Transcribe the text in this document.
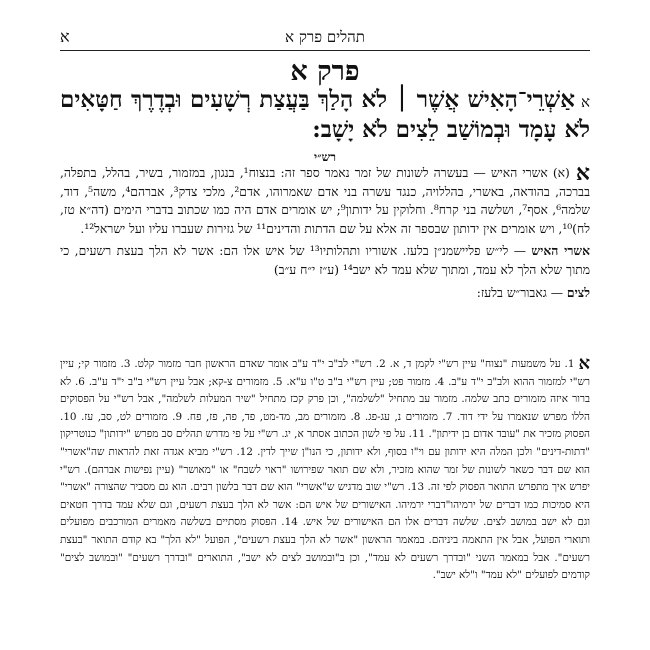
תהלים פרק א
א
פרק א
אאַשְׁרֵי־הָאִישׁ אֲשֶׁר ׀ לֹא הָלַךְ בַּעֲצַת רְשָׁעִים וּבְדֶרֶךְ חַטָּאִים לֹא עָמָד וּבְמוֹשַׁב לֵצִים לֹא יָשָׁב:
רש״י

א(א) אשרי האיש — בעשרה לשונות של זמר נאמר ספר זה: בנצוח¹, בנגון, במזמור, בשיר, בהלל, בתפלה, בברכה, בהודאה, באשרי, בהללויה, כנגד עשרה בני אדם שאמרוהו, אדם², מלכי צדק³, אברהם⁴, משה⁵, דוד, שלמה⁶, אסף⁷, ושלשה בני קרח⁸. וחלוקין על ידותון⁹; יש אומרים אדם היה כמו שכתוב בדברי הימים (דה״א טז, לח)¹⁰, ויש אומרים אין ידותון שבספר זה אלא על שם הדתות והדינים¹¹ של גזירות שעברו עליו ועל ישראל¹².

אשרי האיש — לי״ש פליישמנ״ן בלעז. אשוריו ותהלותיו¹³ של איש אלו הם: אשר לא הלך בעצת רשעים, כי מתוך שלא הלך לא עמד, ומתוך שלא עמד לא ישב¹⁴ (ע״ז י״ח ע״ב)

לצים — גאבור״ש בלעז:

א1. על משמעות "נצוח" עיין רש"י לקמן ד, א. 2. רש"י לב"ב י"ד ע"ב אומר שאדם הראשון חבר מזמור קלט. 3. מזמור קי; עיין רש"י למזמור ההוא ולב"ב י"ד ע"ב. 4. מזמור פט; עיין רש"י ב"ב ט"ו ע"א. 5. מזמורים צ-קא; אבל עיין רש"י ב"ב י"ד ע"ב. 6. לא ברור איזה מזמורים כתב שלמה. מזמור עב מתחיל "לשלמה", וכן פרק קכז מתחיל "שיר המעלות לשלמה", אבל רש"י על הפסוקים הללו מפרש שנאמרו על ידי דוד. 7. מזמורים נ, עג-פג. 8. מזמורים מב, מד-מט, פד, פה, פז, פח. 9. מזמורים לט, סב, עז. 10. הפסוק מזכיר את "עובד אדום בן ידיתון". 11. על פי לשון הכתוב אסתר א, יג. רש"י על פי מדרש תהלים סב מפרש "ידותון" כנוטריקון "דתות-דינים" ולכן המלה היא ידותון עם וי"ו בסוף, ולא ידותון, כי הנו"ן שייך לדין. 12. רש"י מביא אגדה זאת להראות שה"אשרי" הוא שם דבר כשאר לשונות של זמר שהוא מזכיר, ולא שם תואר שפירושו "ראוי לשבח" או "מאושר" (עיין נפישות אברהם). רש"י יפרש איך מתפרש התואר הפסוק לפי זה. 13. רש"י שוב מדגיש ש"אשרי" הוא שם דבר בלשון רבים. הוא גם מסביר שהצורה "אשרי" היא סמיכות כמו דברים של ירמיהו"דברי ירמיהו. האישורים של איש הם: אשר לא הלך בעצת רשעים, וגם שלא עמד בדרך חטאים וגם לא ישב במושב לצים. שלשה דברים אלו הם האישורים של איש. 14. הפסוק מסתיים בשלשה מאמרים המורכבים מפועלים ותוארי הפועל, אבל אין התאמה ביניהם. במאמר הראשון "אשר לא הלך בעצת רשעים", הפועל "לא הלך" בא קודם התואר "בעצת רשעים". אבל במאמר השני "ובדרך רשעים לא עמד", וכן ב"ובמושב לצים לא ישב", התוארים "ובדרך רשעים" "ובמושב לצים" קודמים לפועלים "לא עמד" ו"לא ישב".
